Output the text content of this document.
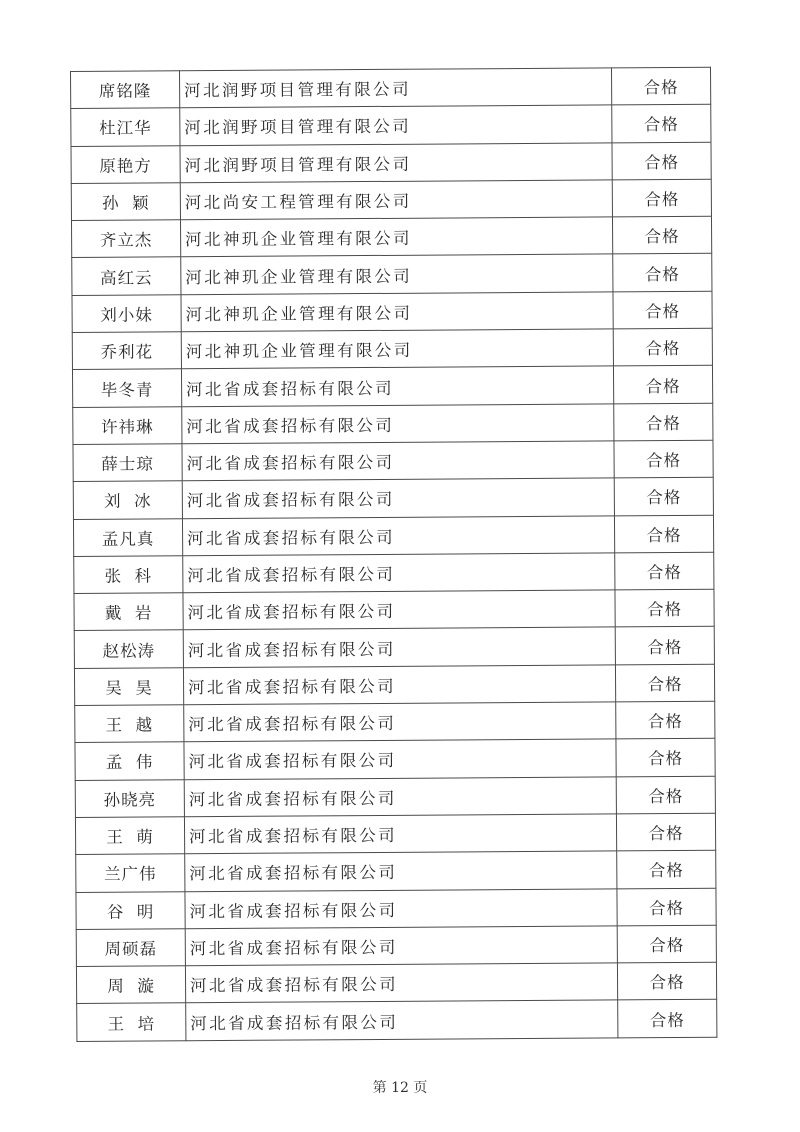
席铭隆	河北润野项目管理有限公司	合格
杜江华	河北润野项目管理有限公司	合格
原艳方	河北润野项目管理有限公司	合格
孙  颖	河北尚安工程管理有限公司	合格
齐立杰	河北神玑企业管理有限公司	合格
高红云	河北神玑企业管理有限公司	合格
刘小妹	河北神玑企业管理有限公司	合格
乔利花	河北神玑企业管理有限公司	合格
毕冬青	河北省成套招标有限公司	合格
许祎琳	河北省成套招标有限公司	合格
薛士琼	河北省成套招标有限公司	合格
刘  冰	河北省成套招标有限公司	合格
孟凡真	河北省成套招标有限公司	合格
张  科	河北省成套招标有限公司	合格
戴  岩	河北省成套招标有限公司	合格
赵松涛	河北省成套招标有限公司	合格
吴  昊	河北省成套招标有限公司	合格
王  越	河北省成套招标有限公司	合格
孟  伟	河北省成套招标有限公司	合格
孙晓亮	河北省成套招标有限公司	合格
王  萌	河北省成套招标有限公司	合格
兰广伟	河北省成套招标有限公司	合格
谷  明	河北省成套招标有限公司	合格
周硕磊	河北省成套招标有限公司	合格
周  漩	河北省成套招标有限公司	合格
王  培	河北省成套招标有限公司	合格
第 12 页
